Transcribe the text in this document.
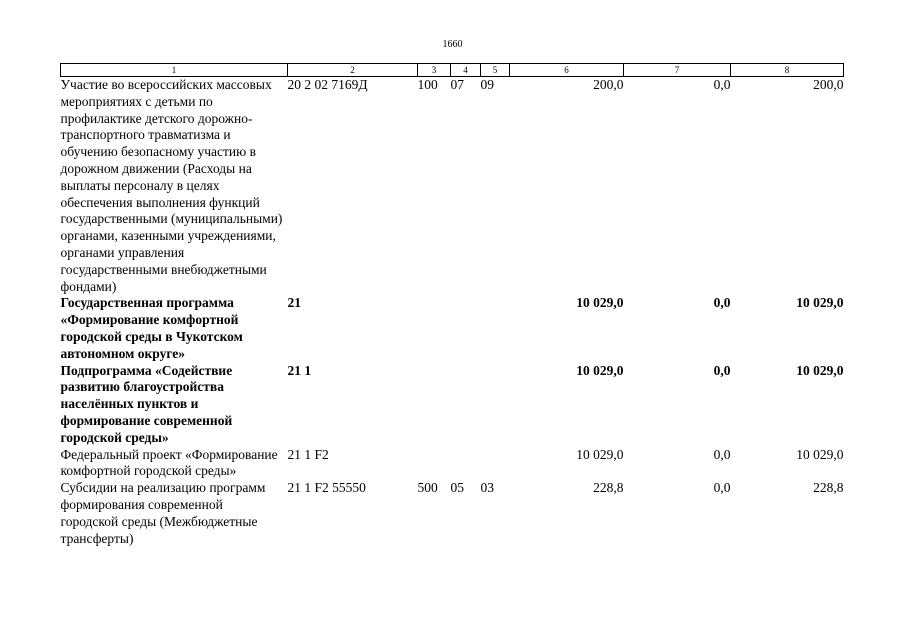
1660
1	2	3	4	5	6	7	8
Участие во всероссийских массовых мероприятиях с детьми по профилактике детского дорожно-транспортного травматизма и обучению безопасному участию в дорожном движении (Расходы на выплаты персоналу в целях обеспечения выполнения функций государственными (муниципальными) органами, казенными учреждениями, органами управления государственными внебюджетными фондами)	20 2 02 7169Д	100	07	09	200,0	0,0	200,0
Государственная программа «Формирование комфортной городской среды в Чукотском автономном округе»	21				10 029,0	0,0	10 029,0
Подпрограмма «Содействие развитию благоустройства населённых пунктов и формирование современной городской среды»	21 1				10 029,0	0,0	10 029,0
Федеральный проект «Формирование комфортной городской среды»	21 1 F2				10 029,0	0,0	10 029,0
Субсидии на реализацию программ формирования современной городской среды (Межбюджетные трансферты)	21 1 F2 55550	500	05	03	228,8	0,0	228,8
